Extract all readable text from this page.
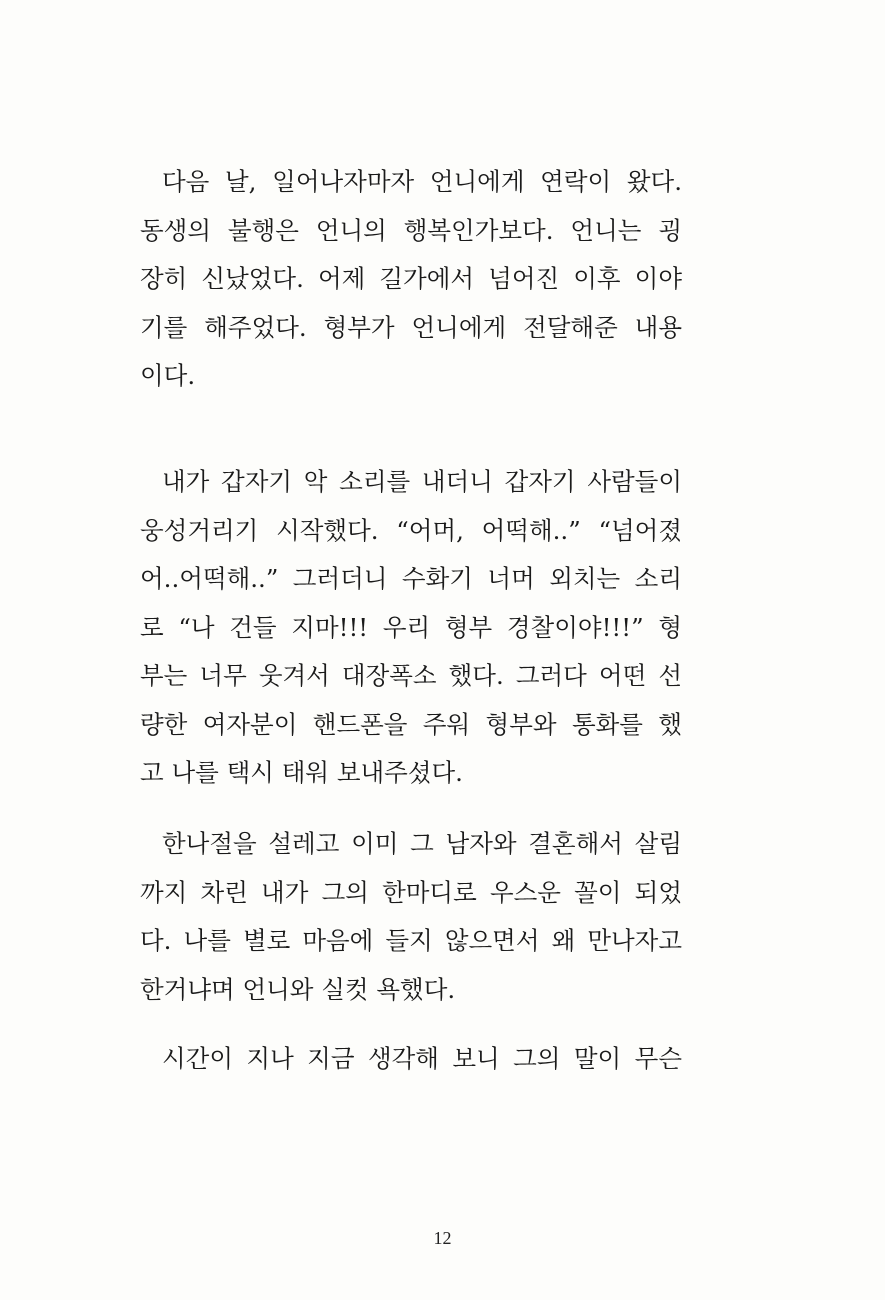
다음 날, 일어나자마자 언니에게 연락이 왔다.
동생의 불행은 언니의 행복인가보다. 언니는 굉
장히 신났었다. 어제 길가에서 넘어진 이후 이야
기를 해주었다. 형부가 언니에게 전달해준 내용
이다.
내가 갑자기 악 소리를 내더니 갑자기 사람들이
웅성거리기 시작했다. “어머, 어떡해..” “넘어졌
어..어떡해..” 그러더니 수화기 너머 외치는 소리
로 “나 건들 지마!!! 우리 형부 경찰이야!!!” 형
부는 너무 웃겨서 대장폭소 했다. 그러다 어떤 선
량한 여자분이 핸드폰을 주워 형부와 통화를 했
고 나를 택시 태워 보내주셨다.
한나절을 설레고 이미 그 남자와 결혼해서 살림
까지 차린 내가 그의 한마디로 우스운 꼴이 되었
다. 나를 별로 마음에 들지 않으면서 왜 만나자고
한거냐며 언니와 실컷 욕했다.
시간이 지나 지금 생각해 보니 그의 말이 무슨
12
